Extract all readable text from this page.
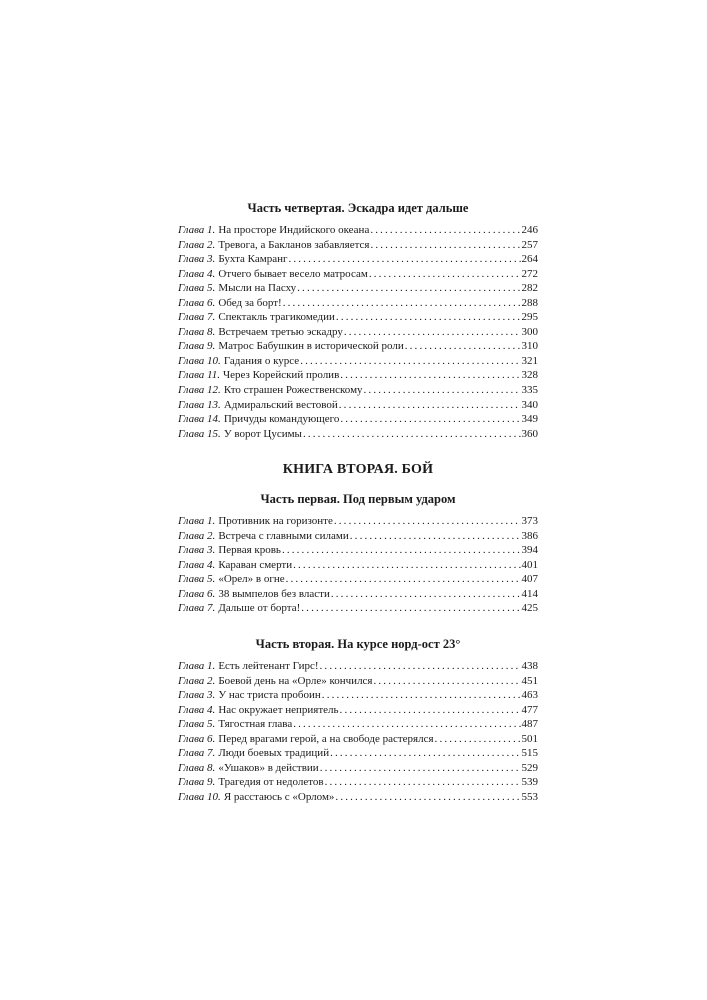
Часть четвертая. Эскадра идет дальше
Глава 1. На просторе Индийского океана . . .	246
Глава 2. Тревога, а Бакланов забавляется . . .	257
Глава 3. Бухта Камранг . . .	264
Глава 4. Отчего бывает весело матросам . . .	272
Глава 5. Мысли на Пасху . . .	282
Глава 6. Обед за борт! . . .	288
Глава 7. Спектакль трагикомедии . . .	295
Глава 8. Встречаем третью эскадру . . .	300
Глава 9. Матрос Бабушкин в исторической роли . . .	310
Глава 10. Гадания о курсе . . .	321
Глава 11. Через Корейский пролив . . .	328
Глава 12. Кто страшен Рожественскому . . .	335
Глава 13. Адмиральский вестовой . . .	340
Глава 14. Причуды командующего . . .	349
Глава 15. У ворот Цусимы . . .	360
КНИГА ВТОРАЯ. БОЙ
Часть первая. Под первым ударом
Глава 1. Противник на горизонте . . .	373
Глава 2. Встреча с главными силами . . .	386
Глава 3. Первая кровь . . .	394
Глава 4. Караван смерти . . .	401
Глава 5. «Орел» в огне . . .	407
Глава 6. 38 вымпелов без власти . . .	414
Глава 7. Дальше от борта! . . .	425
Часть вторая. На курсе норд-ост 23°
Глава 1. Есть лейтенант Гирс! . . .	438
Глава 2. Боевой день на «Орле» кончился . . .	451
Глава 3. У нас триста пробоин . . .	463
Глава 4. Нас окружает неприятель . . .	477
Глава 5. Тягостная глава . . .	487
Глава 6. Перед врагами герой, а на свободе растерялся . . .	501
Глава 7. Люди боевых традиций . . .	515
Глава 8. «Ушаков» в действии . . .	529
Глава 9. Трагедия от недолетов . . .	539
Глава 10. Я расстаюсь с «Орлом» . . .	553
